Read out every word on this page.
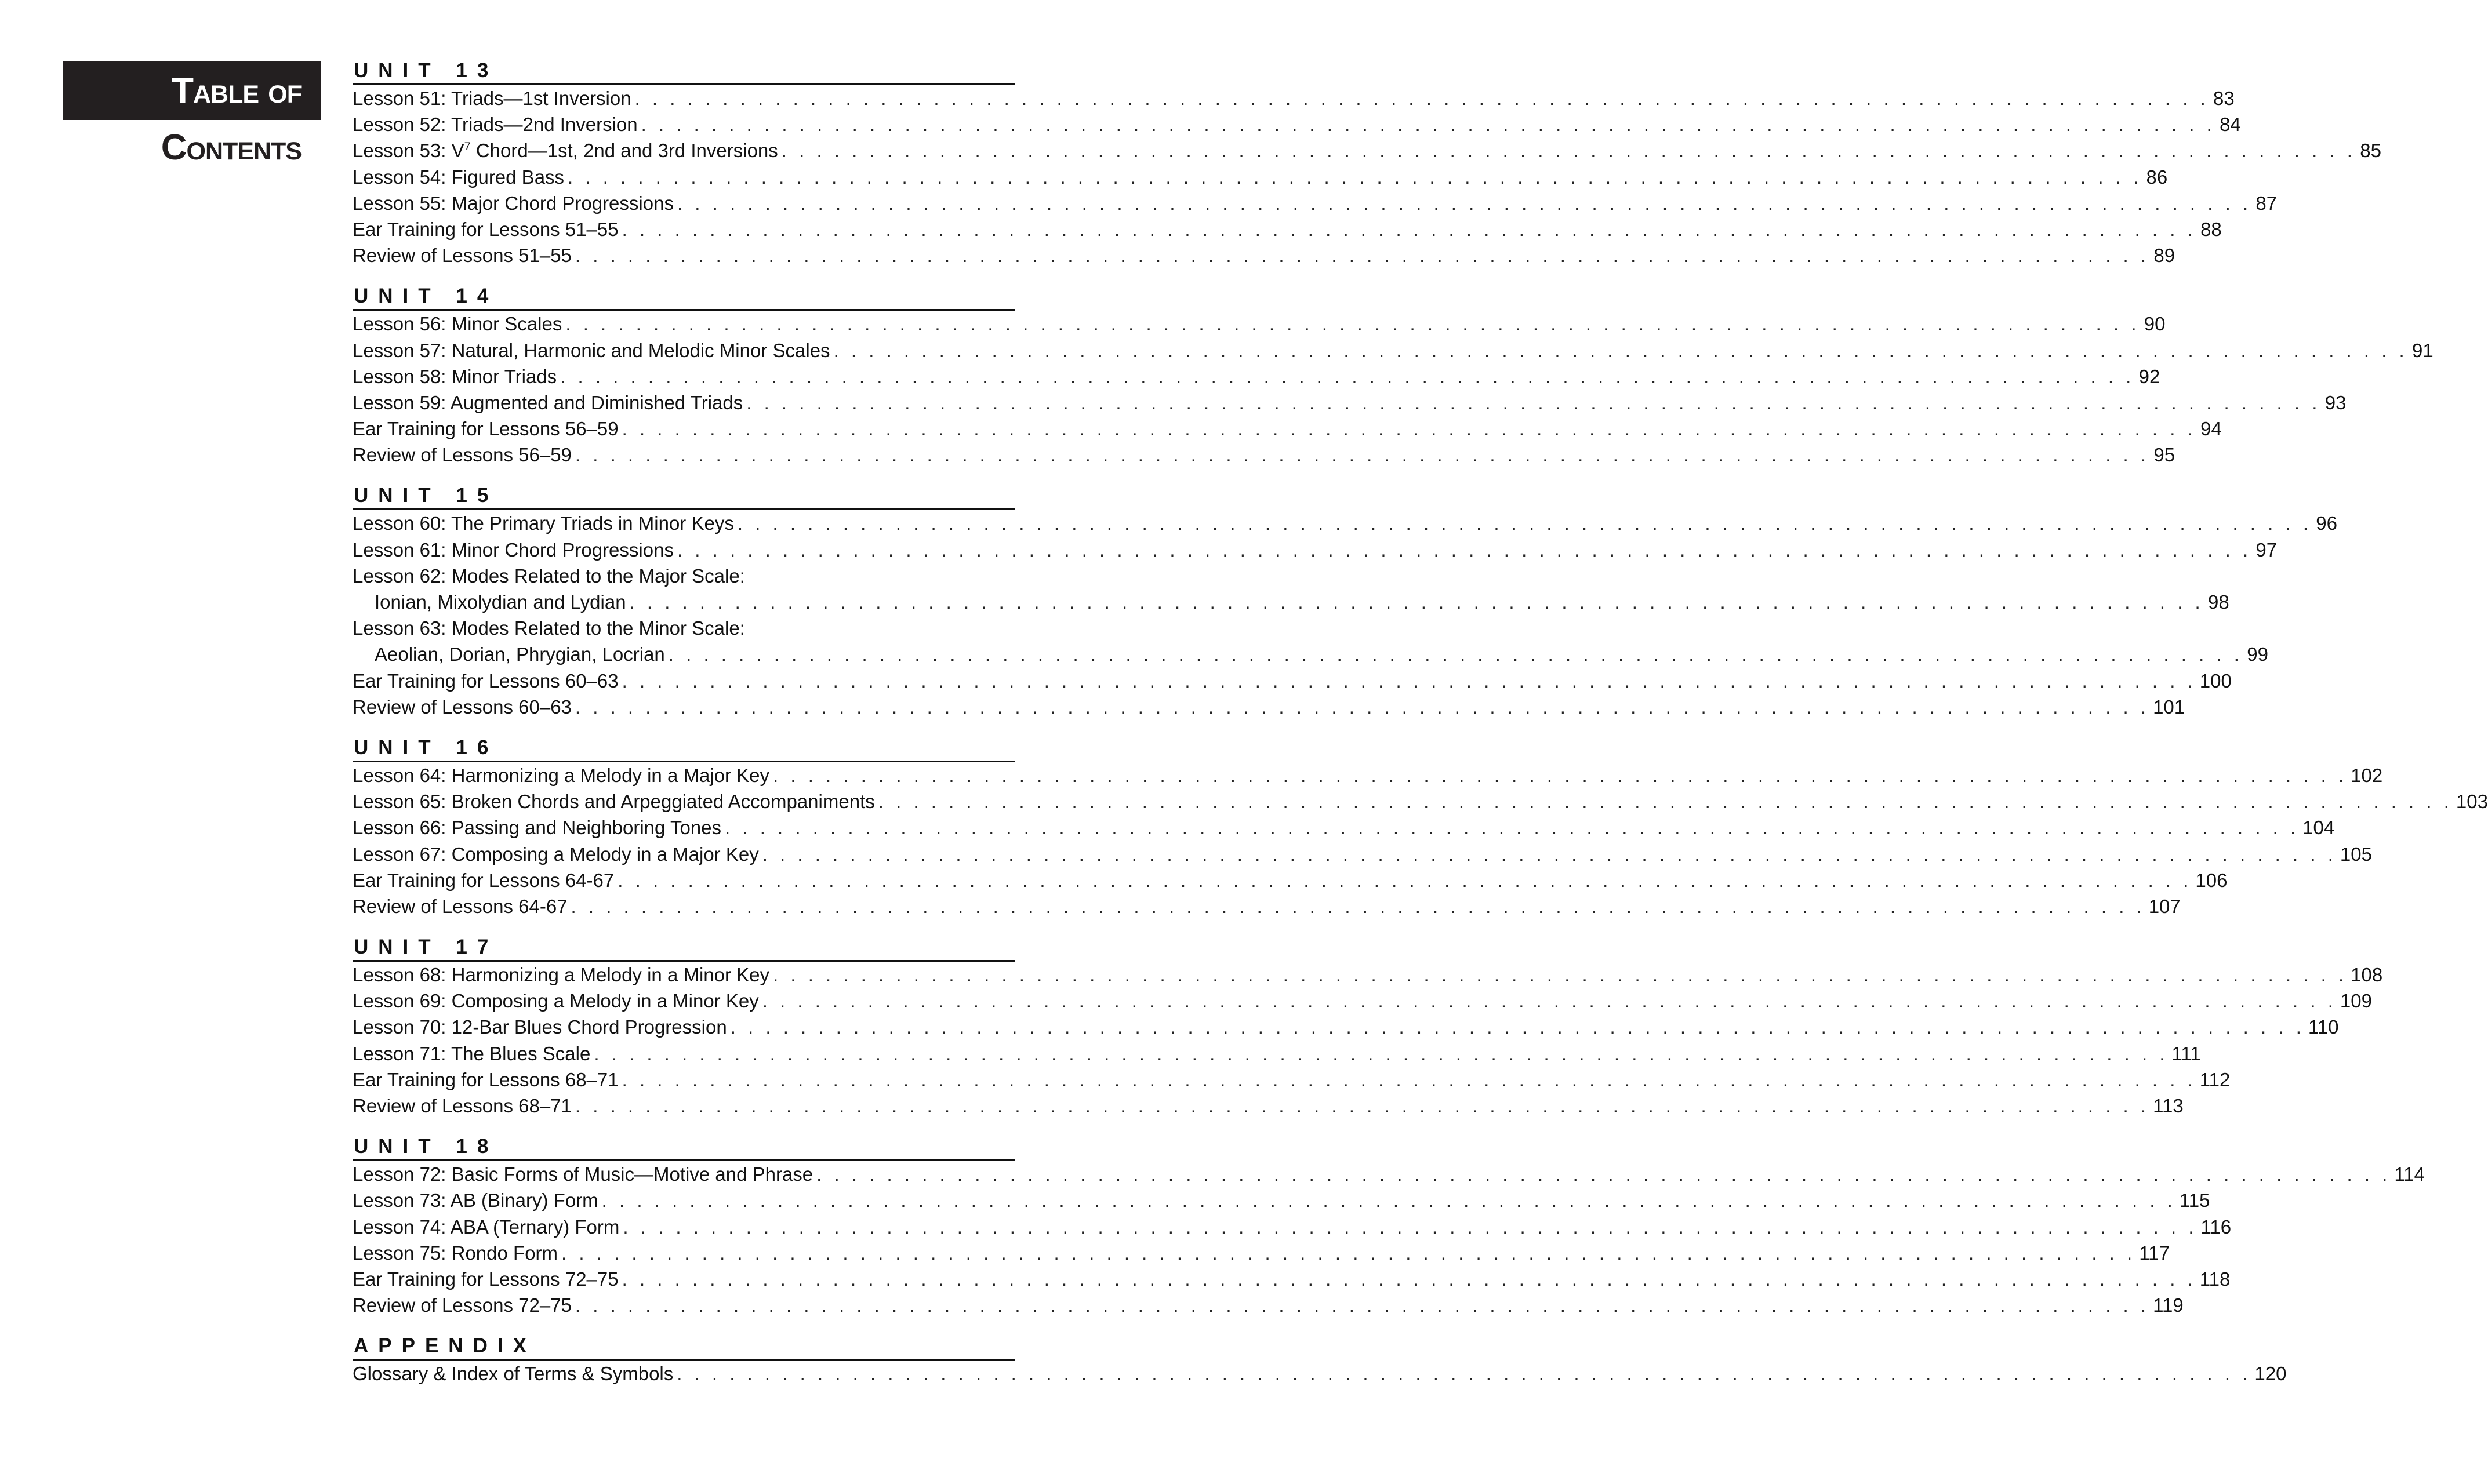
Table of
Contents
UNIT 13
Lesson 51: Triads—1st Inversion . . . . . . . . . . . . . . . . . . . . . . . . . . . . . . . . . . . . . . . . . . . . . . . . . . . . . . . . . . . . . . . . . . . . . . . . . . . . . . . . . . . . . . . . . . 83
Lesson 52: Triads—2nd Inversion . . . . . . . . . . . . . . . . . . . . . . . . . . . . . . . . . . . . . . . . . . . . . . . . . . . . . . . . . . . . . . . . . . . . . . . . . . . . . . . . . . . . . . . . . . 84
Lesson 53: $V^7$ Chord—1st, 2nd and 3rd Inversions . . . . . . . . . . . . . . . . . . . . . . . . . . . . . . . . . . . . . . . . . . . . . . . . . . . . . . . . . . . . . . . . . . . . . . . . . . . . . . . . . . . . . . . . . . 85
Lesson 54: Figured Bass . . . . . . . . . . . . . . . . . . . . . . . . . . . . . . . . . . . . . . . . . . . . . . . . . . . . . . . . . . . . . . . . . . . . . . . . . . . . . . . . . . . . . . . . . . 86
Lesson 55: Major Chord Progressions . . . . . . . . . . . . . . . . . . . . . . . . . . . . . . . . . . . . . . . . . . . . . . . . . . . . . . . . . . . . . . . . . . . . . . . . . . . . . . . . . . . . . . . . . . 87
Ear Training for Lessons 51–55 . . . . . . . . . . . . . . . . . . . . . . . . . . . . . . . . . . . . . . . . . . . . . . . . . . . . . . . . . . . . . . . . . . . . . . . . . . . . . . . . . . . . . . . . . . 88
Review of Lessons 51–55 . . . . . . . . . . . . . . . . . . . . . . . . . . . . . . . . . . . . . . . . . . . . . . . . . . . . . . . . . . . . . . . . . . . . . . . . . . . . . . . . . . . . . . . . . . 89
UNIT 14
Lesson 56: Minor Scales . . . . . . . . . . . . . . . . . . . . . . . . . . . . . . . . . . . . . . . . . . . . . . . . . . . . . . . . . . . . . . . . . . . . . . . . . . . . . . . . . . . . . . . . . . 90
Lesson 57: Natural, Harmonic and Melodic Minor Scales . . . . . . . . . . . . . . . . . . . . . . . . . . . . . . . . . . . . . . . . . . . . . . . . . . . . . . . . . . . . . . . . . . . . . . . . . . . . . . . . . . . . . . . . . . 91
Lesson 58: Minor Triads . . . . . . . . . . . . . . . . . . . . . . . . . . . . . . . . . . . . . . . . . . . . . . . . . . . . . . . . . . . . . . . . . . . . . . . . . . . . . . . . . . . . . . . . . . 92
Lesson 59: Augmented and Diminished Triads . . . . . . . . . . . . . . . . . . . . . . . . . . . . . . . . . . . . . . . . . . . . . . . . . . . . . . . . . . . . . . . . . . . . . . . . . . . . . . . . . . . . . . . . . . 93
Ear Training for Lessons 56–59 . . . . . . . . . . . . . . . . . . . . . . . . . . . . . . . . . . . . . . . . . . . . . . . . . . . . . . . . . . . . . . . . . . . . . . . . . . . . . . . . . . . . . . . . . . 94
Review of Lessons 56–59 . . . . . . . . . . . . . . . . . . . . . . . . . . . . . . . . . . . . . . . . . . . . . . . . . . . . . . . . . . . . . . . . . . . . . . . . . . . . . . . . . . . . . . . . . . 95
UNIT 15
Lesson 60: The Primary Triads in Minor Keys . . . . . . . . . . . . . . . . . . . . . . . . . . . . . . . . . . . . . . . . . . . . . . . . . . . . . . . . . . . . . . . . . . . . . . . . . . . . . . . . . . . . . . . . . . 96
Lesson 61: Minor Chord Progressions . . . . . . . . . . . . . . . . . . . . . . . . . . . . . . . . . . . . . . . . . . . . . . . . . . . . . . . . . . . . . . . . . . . . . . . . . . . . . . . . . . . . . . . . . . 97
Lesson 62: Modes Related to the Major Scale:
Ionian, Mixolydian and Lydian . . . . . . . . . . . . . . . . . . . . . . . . . . . . . . . . . . . . . . . . . . . . . . . . . . . . . . . . . . . . . . . . . . . . . . . . . . . . . . . . . . . . . . . . . . 98
Lesson 63: Modes Related to the Minor Scale:
Aeolian, Dorian, Phrygian, Locrian . . . . . . . . . . . . . . . . . . . . . . . . . . . . . . . . . . . . . . . . . . . . . . . . . . . . . . . . . . . . . . . . . . . . . . . . . . . . . . . . . . . . . . . . . . 99
Ear Training for Lessons 60–63 . . . . . . . . . . . . . . . . . . . . . . . . . . . . . . . . . . . . . . . . . . . . . . . . . . . . . . . . . . . . . . . . . . . . . . . . . . . . . . . . . . . . . . . . . . 100
Review of Lessons 60–63 . . . . . . . . . . . . . . . . . . . . . . . . . . . . . . . . . . . . . . . . . . . . . . . . . . . . . . . . . . . . . . . . . . . . . . . . . . . . . . . . . . . . . . . . . . 101
UNIT 16
Lesson 64: Harmonizing a Melody in a Major Key . . . . . . . . . . . . . . . . . . . . . . . . . . . . . . . . . . . . . . . . . . . . . . . . . . . . . . . . . . . . . . . . . . . . . . . . . . . . . . . . . . . . . . . . . . 102
Lesson 65: Broken Chords and Arpeggiated Accompaniments . . . . . . . . . . . . . . . . . . . . . . . . . . . . . . . . . . . . . . . . . . . . . . . . . . . . . . . . . . . . . . . . . . . . . . . . . . . . . . . . . . . . . . . . . . 103
Lesson 66: Passing and Neighboring Tones . . . . . . . . . . . . . . . . . . . . . . . . . . . . . . . . . . . . . . . . . . . . . . . . . . . . . . . . . . . . . . . . . . . . . . . . . . . . . . . . . . . . . . . . . . 104
Lesson 67: Composing a Melody in a Major Key . . . . . . . . . . . . . . . . . . . . . . . . . . . . . . . . . . . . . . . . . . . . . . . . . . . . . . . . . . . . . . . . . . . . . . . . . . . . . . . . . . . . . . . . . . 105
Ear Training for Lessons 64-67 . . . . . . . . . . . . . . . . . . . . . . . . . . . . . . . . . . . . . . . . . . . . . . . . . . . . . . . . . . . . . . . . . . . . . . . . . . . . . . . . . . . . . . . . . . 106
Review of Lessons 64-67 . . . . . . . . . . . . . . . . . . . . . . . . . . . . . . . . . . . . . . . . . . . . . . . . . . . . . . . . . . . . . . . . . . . . . . . . . . . . . . . . . . . . . . . . . . 107
UNIT 17
Lesson 68: Harmonizing a Melody in a Minor Key . . . . . . . . . . . . . . . . . . . . . . . . . . . . . . . . . . . . . . . . . . . . . . . . . . . . . . . . . . . . . . . . . . . . . . . . . . . . . . . . . . . . . . . . . . 108
Lesson 69: Composing a Melody in a Minor Key . . . . . . . . . . . . . . . . . . . . . . . . . . . . . . . . . . . . . . . . . . . . . . . . . . . . . . . . . . . . . . . . . . . . . . . . . . . . . . . . . . . . . . . . . . 109
Lesson 70: 12-Bar Blues Chord Progression . . . . . . . . . . . . . . . . . . . . . . . . . . . . . . . . . . . . . . . . . . . . . . . . . . . . . . . . . . . . . . . . . . . . . . . . . . . . . . . . . . . . . . . . . . 110
Lesson 71: The Blues Scale . . . . . . . . . . . . . . . . . . . . . . . . . . . . . . . . . . . . . . . . . . . . . . . . . . . . . . . . . . . . . . . . . . . . . . . . . . . . . . . . . . . . . . . . . . 111
Ear Training for Lessons 68–71 . . . . . . . . . . . . . . . . . . . . . . . . . . . . . . . . . . . . . . . . . . . . . . . . . . . . . . . . . . . . . . . . . . . . . . . . . . . . . . . . . . . . . . . . . . 112
Review of Lessons 68–71 . . . . . . . . . . . . . . . . . . . . . . . . . . . . . . . . . . . . . . . . . . . . . . . . . . . . . . . . . . . . . . . . . . . . . . . . . . . . . . . . . . . . . . . . . . 113
UNIT 18
Lesson 72: Basic Forms of Music—Motive and Phrase . . . . . . . . . . . . . . . . . . . . . . . . . . . . . . . . . . . . . . . . . . . . . . . . . . . . . . . . . . . . . . . . . . . . . . . . . . . . . . . . . . . . . . . . . . 114
Lesson 73: AB (Binary) Form . . . . . . . . . . . . . . . . . . . . . . . . . . . . . . . . . . . . . . . . . . . . . . . . . . . . . . . . . . . . . . . . . . . . . . . . . . . . . . . . . . . . . . . . . . 115
Lesson 74: ABA (Ternary) Form . . . . . . . . . . . . . . . . . . . . . . . . . . . . . . . . . . . . . . . . . . . . . . . . . . . . . . . . . . . . . . . . . . . . . . . . . . . . . . . . . . . . . . . . . . 116
Lesson 75: Rondo Form . . . . . . . . . . . . . . . . . . . . . . . . . . . . . . . . . . . . . . . . . . . . . . . . . . . . . . . . . . . . . . . . . . . . . . . . . . . . . . . . . . . . . . . . . . 117
Ear Training for Lessons 72–75 . . . . . . . . . . . . . . . . . . . . . . . . . . . . . . . . . . . . . . . . . . . . . . . . . . . . . . . . . . . . . . . . . . . . . . . . . . . . . . . . . . . . . . . . . . 118
Review of Lessons 72–75 . . . . . . . . . . . . . . . . . . . . . . . . . . . . . . . . . . . . . . . . . . . . . . . . . . . . . . . . . . . . . . . . . . . . . . . . . . . . . . . . . . . . . . . . . . 119
APPENDIX
Glossary & Index of Terms & Symbols . . . . . . . . . . . . . . . . . . . . . . . . . . . . . . . . . . . . . . . . . . . . . . . . . . . . . . . . . . . . . . . . . . . . . . . . . . . . . . . . . . . . . . . . . . 120
